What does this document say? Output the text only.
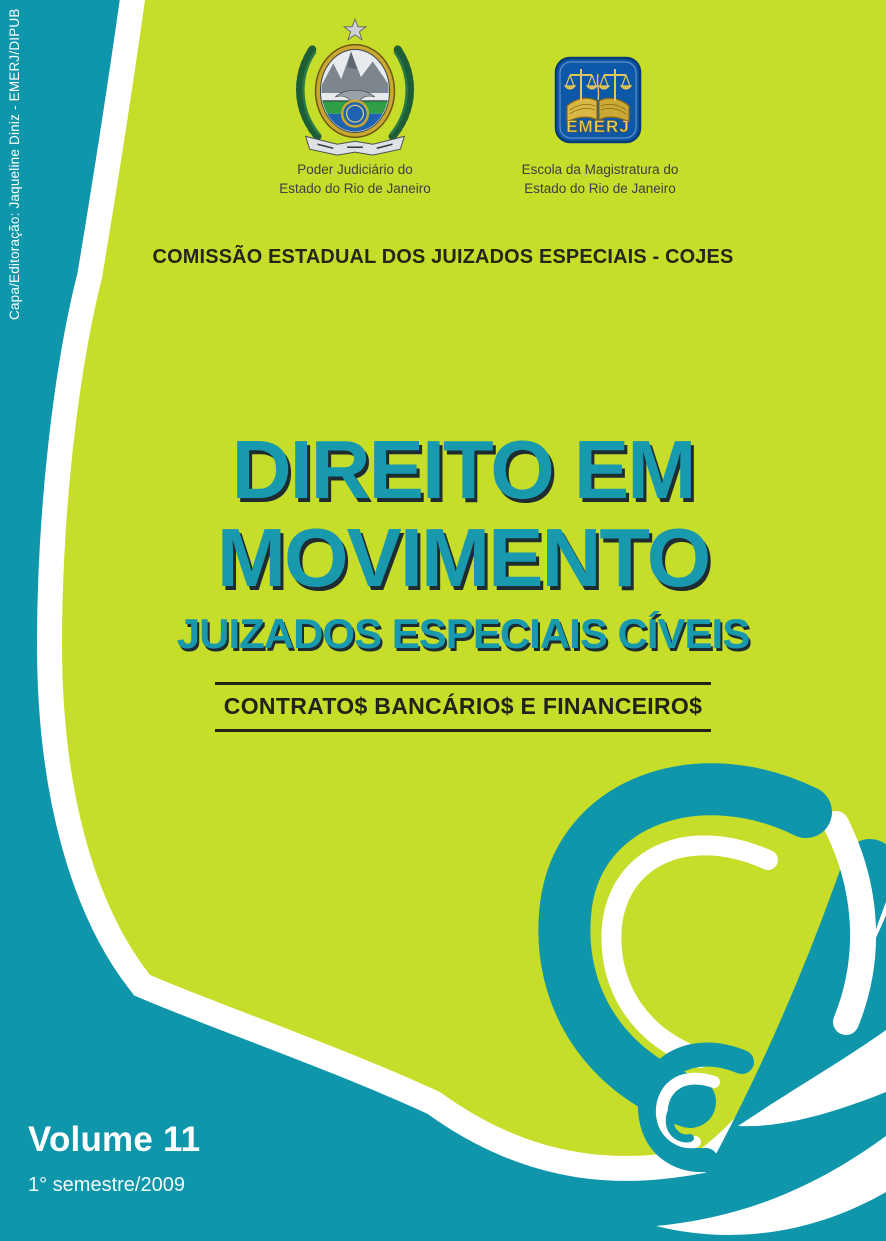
Capa/Editoração: Jaqueline Diniz - EMERJ/DIPUB	Poder Judiciário do
Estado do Rio de Janeiro
EMERJ
Escola da Magistratura do
Estado do Rio de Janeiro
COMISSÃO ESTADUAL DOS JUIZADOS ESPECIAIS - COJES
DIREITO EM
MOVIMENTO
JUIZADOS ESPECIAIS CÍVEIS
CONTRATO$ BANCÁRIO$ E FINANCEIRO$
Volume 11
1° semestre/2009
